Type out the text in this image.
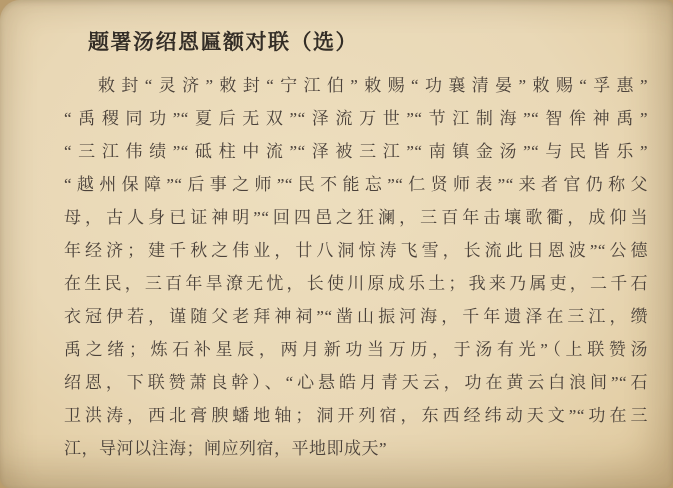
题署汤绍恩匾额对联（选）
敕封“灵济”敕封“宁江伯”敕赐“功襄清晏”敕赐“孚惠”
“禹稷同功”“夏后无双”“泽流万世”“节江制海”“智侔神禹”
“三江伟绩”“砥柱中流”“泽被三江”“南镇金汤”“与民皆乐”
“越州保障”“后事之师”“民不能忘”“仁贤师表”“来者官仍称父
母，古人身已证神明”“回四邑之狂澜，三百年击壤歌衢，成仰当
年经济；建千秋之伟业，廿八洞惊涛飞雪，长流此日恩波”“公德
在生民，三百年旱潦无忧，长使川原成乐土；我来乃属吏，二千石
衣冠伊若，谨随父老拜神祠”“凿山振河海，千年遗泽在三江，缵
禹之绪；炼石补星辰，两月新功当万历，于汤有光”（上联赞汤
绍恩，下联赞萧良幹）、“心悬皓月青天云，功在黄云白浪间”“石
卫洪涛，西北膏腴蟠地轴；洞开列宿，东西经纬动天文”“功在三
江，导河以注海；闸应列宿，平地即成天”
